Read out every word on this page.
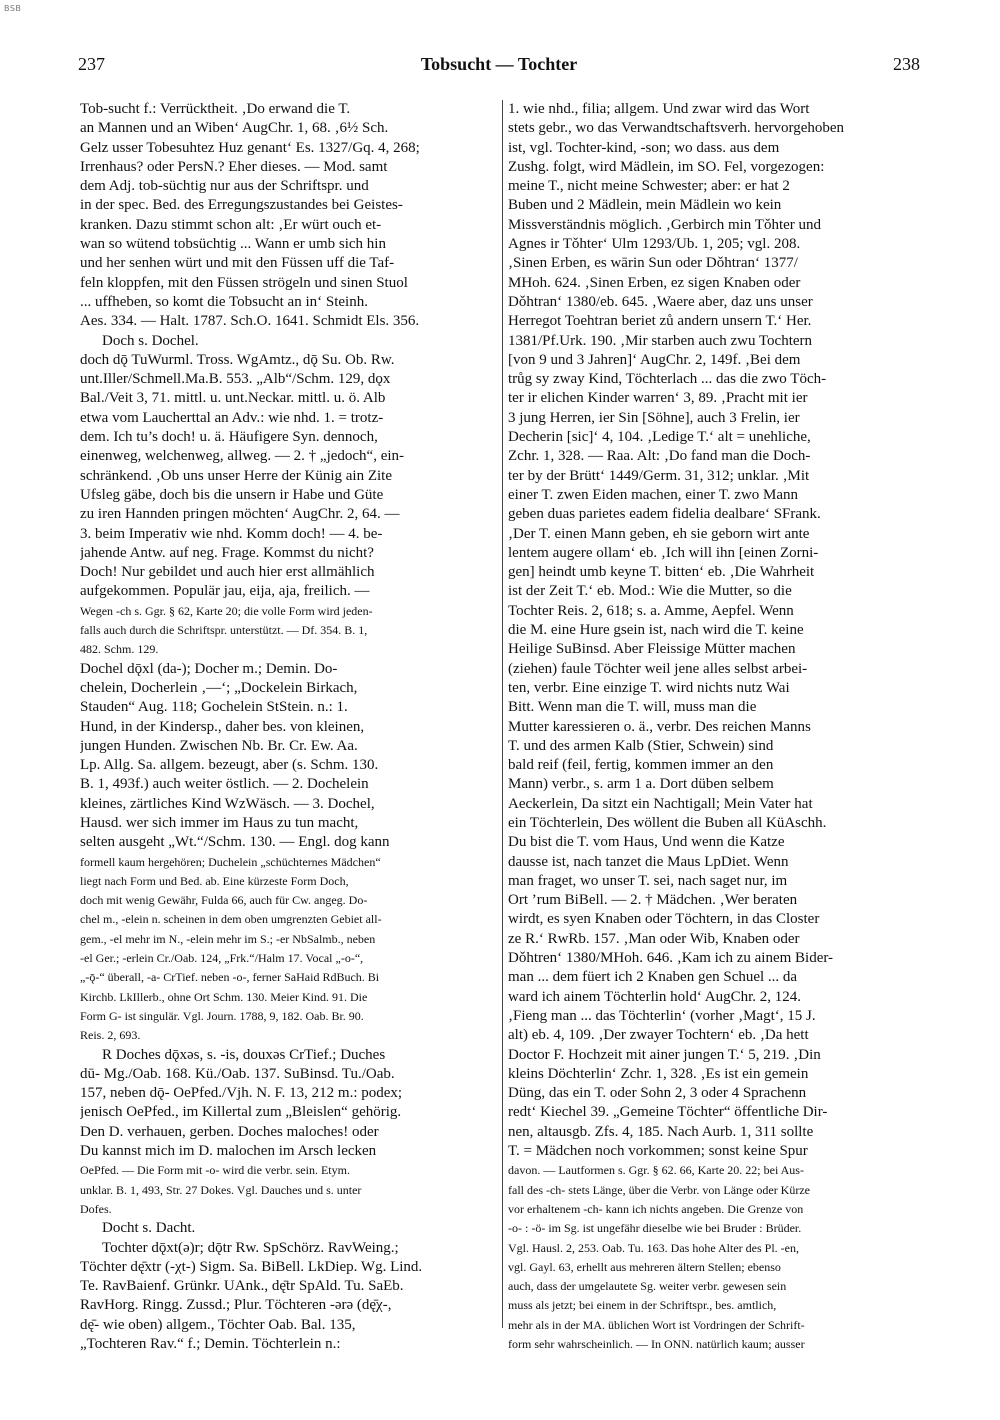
BSB
237	Tobsucht — Tochter	238
Tob-sucht f.: Verrücktheit. ‚Do erwand die T.
an Mannen und an Wiben‘ AugChr. 1, 68. ‚6½ Sch.
Gelz usser Tobesuhtez Huz genant‘ Es. 1327/Gq. 4, 268;
Irrenhaus? oder PersN.? Eher dieses. — Mod. samt
dem Adj. tob-süchtig nur aus der Schriftspr. und
in der spec. Bed. des Erregungszustandes bei Geistes-
kranken. Dazu stimmt schon alt: ‚Er würt ouch et-
wan so wütend tobsüchtig ... Wann er umb sich hin
und her senhen würt und mit den Füssen uff die Taf-
feln kloppfen, mit den Füssen strögeln und sinen Stuol
... uffheben, so komt die Tobsucht an in‘ Steinh.
Aes. 334. — Halt. 1787. Sch.O. 1641. Schmidt Els. 356.
Doch s. Dochel.
doch dǭ TuWurml. Tross. WgAmtz., dǭ Su. Ob. Rw.
unt.Iller/Schmell.Ma.B. 553. „Alb“/Schm. 129, dǫx
Bal./Veit 3, 71. mittl. u. unt.Neckar. mittl. u. ö. Alb
etwa vom Laucherttal an Adv.: wie nhd. 1. = trotz-
dem. Ich tu’s doch! u. ä. Häufigere Syn. dennoch,
einenweg, welchenweg, allweg. — 2. † „jedoch“, ein-
schränkend. ‚Ob uns unser Herre der Künig ain Zite
Ufsleg gäbe, doch bis die unsern ir Habe und Güte
zu iren Hannden pringen möchten‘ AugChr. 2, 64. —
3. beim Imperativ wie nhd. Komm doch! — 4. be-
jahende Antw. auf neg. Frage. Kommst du nicht?
Doch! Nur gebildet und auch hier erst allmählich
aufgekommen. Populär jau, eija, aja, freilich. —
Wegen -ch s. Ggr. § 62, Karte 20; die volle Form wird jeden-
falls auch durch die Schriftspr. unterstützt. — Df. 354. B. 1,
482. Schm. 129.
Dochel dǭxl (da-); Docher m.; Demin. Do-
chelein, Docherlein ‚—‘; „Dockelein Birkach,
Stauden“ Aug. 118; Gochelein StStein. n.: 1.
Hund, in der Kindersp., daher bes. von kleinen,
jungen Hunden. Zwischen Nb. Br. Cr. Ew. Aa.
Lp. Allg. Sa. allgem. bezeugt, aber (s. Schm. 130.
B. 1, 493f.) auch weiter östlich. — 2. Dochelein
kleines, zärtliches Kind WzWäsch. — 3. Dochel,
Hausd. wer sich immer im Haus zu tun macht,
selten ausgeht „Wt.“/Schm. 130. — Engl. dog kann
formell kaum hergehören; Duchelein „schüchternes Mädchen“
liegt nach Form und Bed. ab. Eine kürzeste Form Doch,
doch mit wenig Gewähr, Fulda 66, auch für Cw. angeg. Do-
chel m., -elein n. scheinen in dem oben umgrenzten Gebiet all-
gem., -el mehr im N., -elein mehr im S.; -er NbSalmb., neben
-el Ger.; -erlein Cr./Oab. 124, „Frk.“/Halm 17. Vocal „-o-“,
„-ǭ-“ überall, -a- CrTief. neben -o-, ferner SaHaid RdBuch. Bi
Kirchb. LkIllerb., ohne Ort Schm. 130. Meier Kind. 91. Die
Form G- ist singulär. Vgl. Journ. 1788, 9, 182. Oab. Br. 90.
Reis. 2, 693.
R Doches dǭxəs, s. -is, douxəs CrTief.; Duches
dū- Mg./Oab. 168. Kü./Oab. 137. SuBinsd. Tu./Oab.
157, neben dǭ- OePfed./Vjh. N. F. 13, 212 m.: podex;
jenisch OePfed., im Killertal zum „Bleislen“ gehörig.
Den D. verhauen, gerben. Doches maloches! oder
Du kannst mich im D. malochen im Arsch lecken
OePfed. — Die Form mit -o- wird die verbr. sein. Etym.
unklar. B. 1, 493, Str. 27 Dokes. Vgl. Dauches und s. unter
Dofes.
Docht s. Dacht.
Tochter dǭxt(ə)r; dǭtr Rw. SpSchörz. RavWeing.;
Töchter dę̄xtr (-χt-) Sigm. Sa. BiBell. LkDiep. Wg. Lind.
Te. RavBaienf. Grünkr. UAnk., dę̄tr SpAld. Tu. SaEb.
RavHorg. Ringg. Zussd.; Plur. Töchteren -ərə (dę̄χ-,
dę̄- wie oben) allgem., Töchter Oab. Bal. 135,
„Tochteren Rav.“ f.; Demin. Töchterlein n.:
1. wie nhd., filia; allgem. Und zwar wird das Wort
stets gebr., wo das Verwandtschaftsverh. hervorgehoben
ist, vgl. Tochter-kind, -son; wo dass. aus dem
Zushg. folgt, wird Mädlein, im SO. Fel, vorgezogen:
meine T., nicht meine Schwester; aber: er hat 2
Buben und 2 Mädlein, mein Mädlein wo kein
Missverständnis möglich. ‚Gerbirch min Tǒhter und
Agnes ir Tǒhter‘ Ulm 1293/Ub. 1, 205; vgl. 208.
‚Sinen Erben, es wārin Sun oder Dǒhtran‘ 1377/
MHoh. 624. ‚Sinen Erben, ez sigen Knaben oder
Dǒhtran‘ 1380/eb. 645. ‚Waere aber, daz uns unser
Herregot Toehtran beriet zů andern unsern T.‘ Her.
1381/Pf.Urk. 190. ‚Mir starben auch zwu Tochtern
[von 9 und 3 Jahren]‘ AugChr. 2, 149f. ‚Bei dem
trůg sy zway Kind, Töchterlach ... das die zwo Töch-
ter ir elichen Kinder warren‘ 3, 89. ‚Pracht mit ier
3 jung Herren, ier Sin [Söhne], auch 3 Frelin, ier
Decherin [sic]‘ 4, 104. ‚Ledige T.‘ alt = unehliche,
Zchr. 1, 328. — Raa. Alt: ‚Do fand man die Doch-
ter by der Brütt‘ 1449/Germ. 31, 312; unklar. ‚Mit
einer T. zwen Eiden machen, einer T. zwo Mann
geben duas parietes eadem fidelia dealbare‘ SFrank.
‚Der T. einen Mann geben, eh sie geborn wirt ante
lentem augere ollam‘ eb. ‚Ich will ihn [einen Zorni-
gen] heindt umb keyne T. bitten‘ eb. ‚Die Wahrheit
ist der Zeit T.‘ eb. Mod.: Wie die Mutter, so die
Tochter Reis. 2, 618; s. a. Amme, Aepfel. Wenn
die M. eine Hure gsein ist, nach wird die T. keine
Heilige SuBinsd. Aber Fleissige Mütter machen
(ziehen) faule Töchter weil jene alles selbst arbei-
ten, verbr. Eine einzige T. wird nichts nutz Wai
Bitt. Wenn man die T. will, muss man die
Mutter karessieren o. ä., verbr. Des reichen Manns
T. und des armen Kalb (Stier, Schwein) sind
bald reif (feil, fertig, kommen immer an den
Mann) verbr., s. arm 1 a. Dort düben selbem
Aeckerlein, Da sitzt ein Nachtigall; Mein Vater hat
ein Töchterlein, Des wöllent die Buben all KüAschh.
Du bist die T. vom Haus, Und wenn die Katze
dausse ist, nach tanzet die Maus LpDiet. Wenn
man fraget, wo unser T. sei, nach saget nur, im
Ort ’rum BiBell. — 2. † Mädchen. ‚Wer beraten
wirdt, es syen Knaben oder Töchtern, in das Closter
ze R.‘ RwRb. 157. ‚Man oder Wib, Knaben oder
Dǒhtren‘ 1380/MHoh. 646. ‚Kam ich zu ainem Bider-
man ... dem füert ich 2 Knaben gen Schuel ... da
ward ich ainem Töchterlin hold‘ AugChr. 2, 124.
‚Fieng man ... das Töchterlin‘ (vorher ‚Magt‘, 15 J.
alt) eb. 4, 109. ‚Der zwayer Tochtern‘ eb. ‚Da hett
Doctor F. Hochzeit mit ainer jungen T.‘ 5, 219. ‚Din
kleins Döchterlin‘ Zchr. 1, 328. ‚Es ist ein gemein
Düng, das ein T. oder Sohn 2, 3 oder 4 Sprachenn
redt‘ Kiechel 39. „Gemeine Töchter“ öffentliche Dir-
nen, altausgb. Zfs. 4, 185. Nach Aurb. 1, 311 sollte
T. = Mädchen noch vorkommen; sonst keine Spur
davon. — Lautformen s. Ggr. § 62. 66, Karte 20. 22; bei Aus-
fall des -ch- stets Länge, über die Verbr. von Länge oder Kürze
vor erhaltenem -ch- kann ich nichts angeben. Die Grenze von
-o- : -ö- im Sg. ist ungefähr dieselbe wie bei Bruder : Brüder.
Vgl. Hausl. 2, 253. Oab. Tu. 163. Das hohe Alter des Pl. -en,
vgl. Gayl. 63, erhellt aus mehreren ältern Stellen; ebenso
auch, dass der umgelautete Sg. weiter verbr. gewesen sein
muss als jetzt; bei einem in der Schriftspr., bes. amtlich,
mehr als in der MA. üblichen Wort ist Vordringen der Schrift-
form sehr wahrscheinlich. — In ONN. natürlich kaum; ausser
